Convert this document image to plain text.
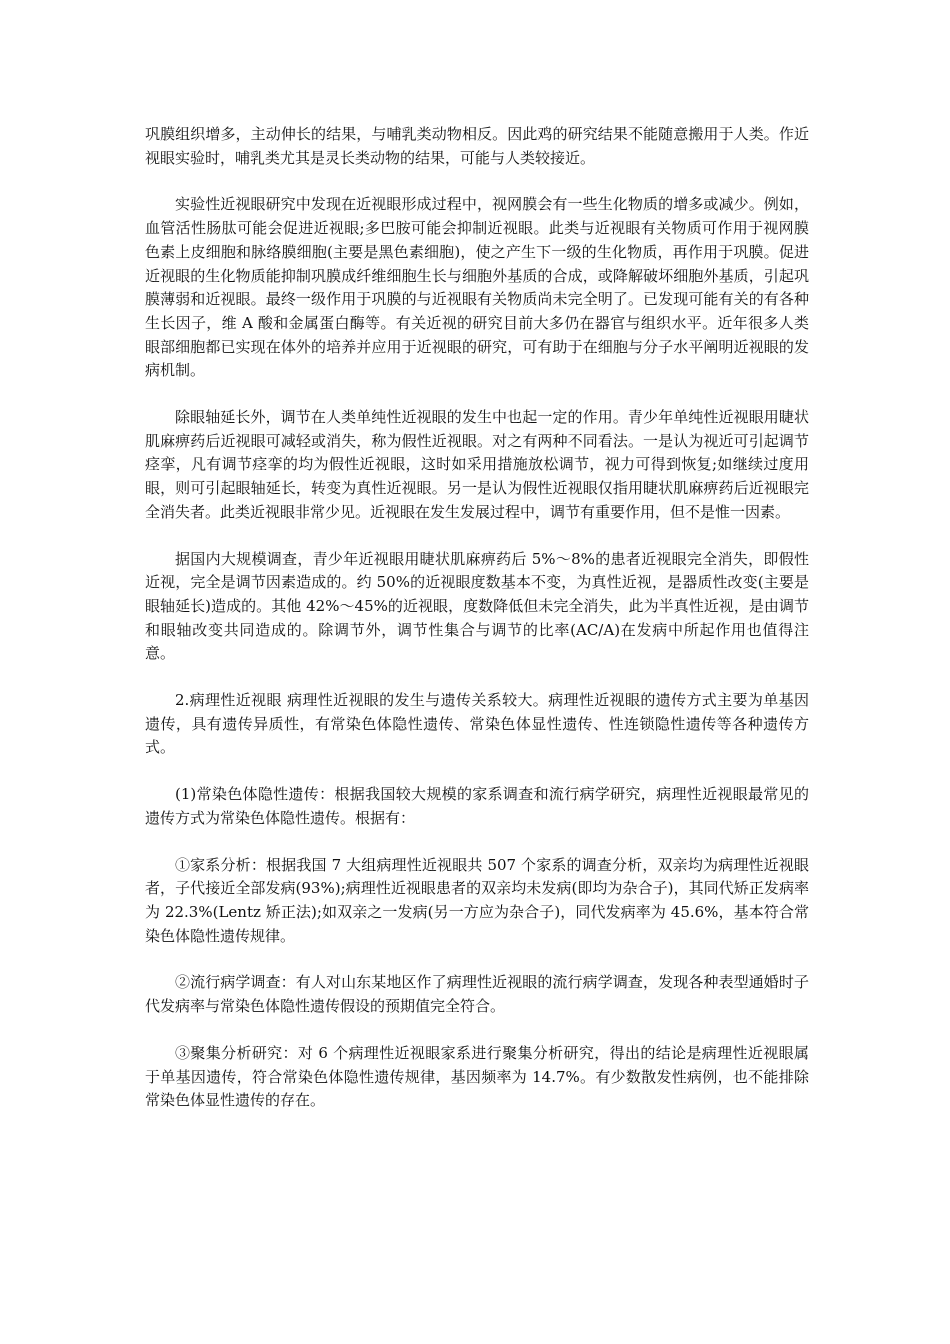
巩膜组织增多，主动伸长的结果，与哺乳类动物相反。因此鸡的研究结果不能随意搬用于人类。作近视眼实验时，哺乳类尤其是灵长类动物的结果，可能与人类较接近。

实验性近视眼研究中发现在近视眼形成过程中，视网膜会有一些生化物质的增多或减少。例如，血管活性肠肽可能会促进近视眼;多巴胺可能会抑制近视眼。此类与近视眼有关物质可作用于视网膜色素上皮细胞和脉络膜细胞(主要是黑色素细胞)，使之产生下一级的生化物质，再作用于巩膜。促进近视眼的生化物质能抑制巩膜成纤维细胞生长与细胞外基质的合成，或降解破坏细胞外基质，引起巩膜薄弱和近视眼。最终一级作用于巩膜的与近视眼有关物质尚未完全明了。已发现可能有关的有各种生长因子，维 A 酸和金属蛋白酶等。有关近视的研究目前大多仍在器官与组织水平。近年很多人类眼部细胞都已实现在体外的培养并应用于近视眼的研究，可有助于在细胞与分子水平阐明近视眼的发病机制。

除眼轴延长外，调节在人类单纯性近视眼的发生中也起一定的作用。青少年单纯性近视眼用睫状肌麻痹药后近视眼可减轻或消失，称为假性近视眼。对之有两种不同看法。一是认为视近可引起调节痉挛，凡有调节痉挛的均为假性近视眼，这时如采用措施放松调节，视力可得到恢复;如继续过度用眼，则可引起眼轴延长，转变为真性近视眼。另一是认为假性近视眼仅指用睫状肌麻痹药后近视眼完全消失者。此类近视眼非常少见。近视眼在发生发展过程中，调节有重要作用，但不是惟一因素。

据国内大规模调查，青少年近视眼用睫状肌麻痹药后 5%～8%的患者近视眼完全消失，即假性近视，完全是调节因素造成的。约 50%的近视眼度数基本不变，为真性近视，是器质性改变(主要是眼轴延长)造成的。其他 42%～45%的近视眼，度数降低但未完全消失，此为半真性近视，是由调节和眼轴改变共同造成的。除调节外，调节性集合与调节的比率(AC/A)在发病中所起作用也值得注意。

2.病理性近视眼 病理性近视眼的发生与遗传关系较大。病理性近视眼的遗传方式主要为单基因遗传，具有遗传异质性，有常染色体隐性遗传、常染色体显性遗传、性连锁隐性遗传等各种遗传方式。

(1)常染色体隐性遗传：根据我国较大规模的家系调查和流行病学研究，病理性近视眼最常见的遗传方式为常染色体隐性遗传。根据有：

①家系分析：根据我国 7 大组病理性近视眼共 507 个家系的调查分析，双亲均为病理性近视眼者，子代接近全部发病(93%);病理性近视眼患者的双亲均未发病(即均为杂合子)，其同代矫正发病率为 22.3%(Lentz 矫正法);如双亲之一发病(另一方应为杂合子)，同代发病率为 45.6%，基本符合常染色体隐性遗传规律。

②流行病学调查：有人对山东某地区作了病理性近视眼的流行病学调查，发现各种表型通婚时子代发病率与常染色体隐性遗传假设的预期值完全符合。

③聚集分析研究：对 6 个病理性近视眼家系进行聚集分析研究，得出的结论是病理性近视眼属于单基因遗传，符合常染色体隐性遗传规律，基因频率为 14.7%。有少数散发性病例，也不能排除常染色体显性遗传的存在。
